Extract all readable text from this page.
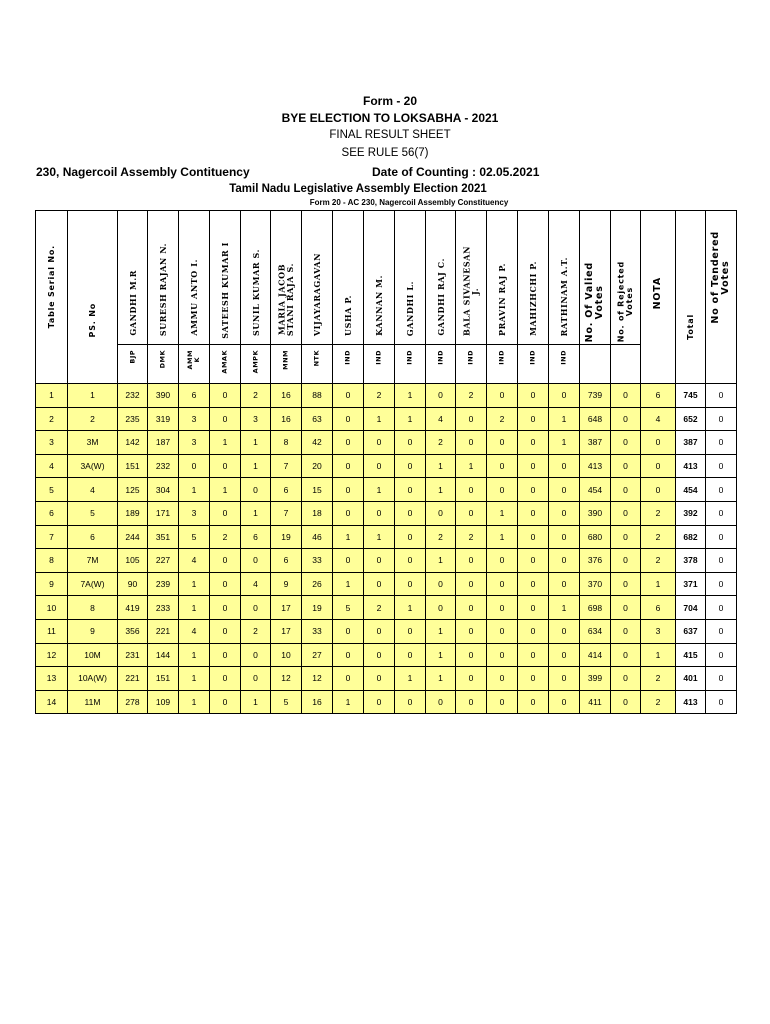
Form - 20
BYE ELECTION TO LOKSABHA - 2021
FINAL RESULT SHEET
SEE RULE 56(7)
230, Nagercoil Assembly Contituency	Date of Counting : 02.05.2021
Tamil Nadu Legislative Assembly Election 2021
Form 20 - AC 230, Nagercoil Assembly Constituency
Table Serial No.	PS. No	GANDHI M.R	SURESH RAJAN N.	AMMU ANTO I.	SATEESH KUMAR I	SUNIL KUMAR S.	MARIA JACOB
STANI RAJA S.	VIJAYARAGAVAN	USHA P.	KANNAN M.	GANDHI L.	GANDHI RAJ C.	BALA SIVANESAN
J.	PRAVIN RAJ P.	MAHIZHCHI P.	RATHINAM A.T.	No. Of Valied
Votes	No. of Rejected
Votes	NOTA	Total	No of Tendered
Votes

		BJP	DMK	AMM
K	AMAK	AMPK	MNM	NTK	IND	IND	IND	IND	IND	IND	IND	IND					

1	1	232	390	6	0	2	16	88	0	2	1	0	2	0	0	0	739	0	6	745	0
2	2	235	319	3	0	3	16	63	0	1	1	4	0	2	0	1	648	0	4	652	0
3	3M	142	187	3	1	1	8	42	0	0	0	2	0	0	0	1	387	0	0	387	0
4	3A(W)	151	232	0	0	1	7	20	0	0	0	1	1	0	0	0	413	0	0	413	0
5	4	125	304	1	1	0	6	15	0	1	0	1	0	0	0	0	454	0	0	454	0
6	5	189	171	3	0	1	7	18	0	0	0	0	0	1	0	0	390	0	2	392	0
7	6	244	351	5	2	6	19	46	1	1	0	2	2	1	0	0	680	0	2	682	0
8	7M	105	227	4	0	0	6	33	0	0	0	1	0	0	0	0	376	0	2	378	0
9	7A(W)	90	239	1	0	4	9	26	1	0	0	0	0	0	0	0	370	0	1	371	0
10	8	419	233	1	0	0	17	19	5	2	1	0	0	0	0	1	698	0	6	704	0
11	9	356	221	4	0	2	17	33	0	0	0	1	0	0	0	0	634	0	3	637	0
12	10M	231	144	1	0	0	10	27	0	0	0	1	0	0	0	0	414	0	1	415	0
13	10A(W)	221	151	1	0	0	12	12	0	0	1	1	0	0	0	0	399	0	2	401	0
14	11M	278	109	1	0	1	5	16	1	0	0	0	0	0	0	0	411	0	2	413	0
